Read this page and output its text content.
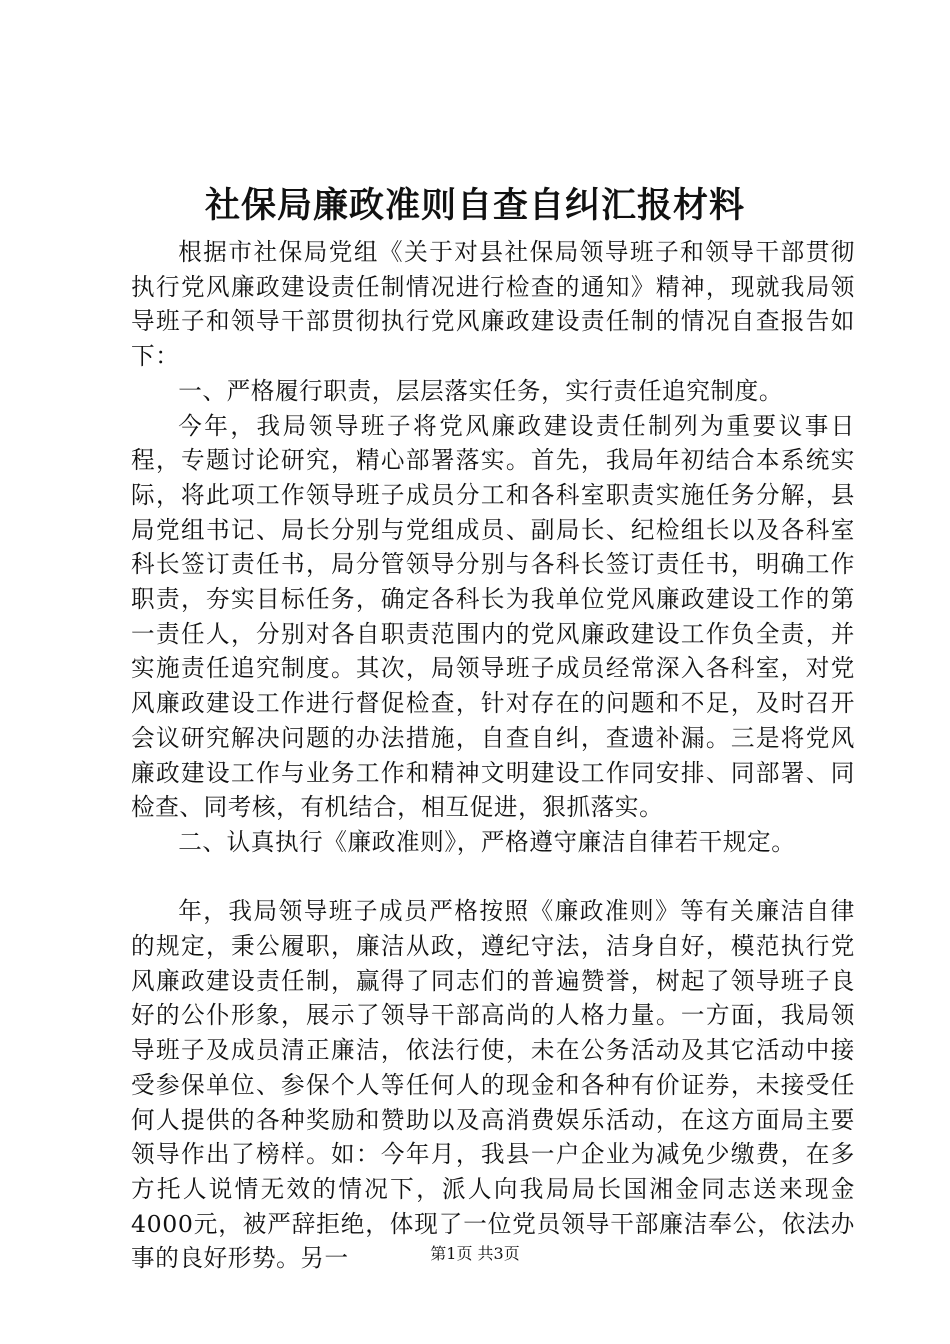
社保局廉政准则自查自纠汇报材料

根据市社保局党组《关于对县社保局领导班子和领导干部贯彻执行党风廉政建设责任制情况进行检查的通知》精神，现就我局领导班子和领导干部贯彻执行党风廉政建设责任制的情况自查报告如下：

一、严格履行职责，层层落实任务，实行责任追究制度。

今年，我局领导班子将党风廉政建设责任制列为重要议事日程，专题讨论研究，精心部署落实。首先，我局年初结合本系统实际，将此项工作领导班子成员分工和各科室职责实施任务分解，县局党组书记、局长分别与党组成员、副局长、纪检组长以及各科室科长签订责任书，局分管领导分别与各科长签订责任书，明确工作职责，夯实目标任务，确定各科长为我单位党风廉政建设工作的第一责任人，分别对各自职责范围内的党风廉政建设工作负全责，并实施责任追究制度。其次，局领导班子成员经常深入各科室，对党风廉政建设工作进行督促检查，针对存在的问题和不足，及时召开会议研究解决问题的办法措施，自查自纠，查遗补漏。三是将党风廉政建设工作与业务工作和精神文明建设工作同安排、同部署、同检查、同考核，有机结合，相互促进，狠抓落实。

二、认真执行《廉政准则》，严格遵守廉洁自律若干规定。

年，我局领导班子成员严格按照《廉政准则》等有关廉洁自律的规定，秉公履职，廉洁从政，遵纪守法，洁身自好，模范执行党风廉政建设责任制，赢得了同志们的普遍赞誉，树起了领导班子良好的公仆形象，展示了领导干部高尚的人格力量。一方面，我局领导班子及成员清正廉洁，依法行使，未在公务活动及其它活动中接受参保单位、参保个人等任何人的现金和各种有价证券，未接受任何人提供的各种奖励和赞助以及高消费娱乐活动，在这方面局主要领导作出了榜样。如：今年月，我县一户企业为减免少缴费，在多方托人说情无效的情况下，派人向我局局长国湘金同志送来现金4000元，被严辞拒绝，体现了一位党员领导干部廉洁奉公，依法办事的良好形势。另一	第1页 共3页
